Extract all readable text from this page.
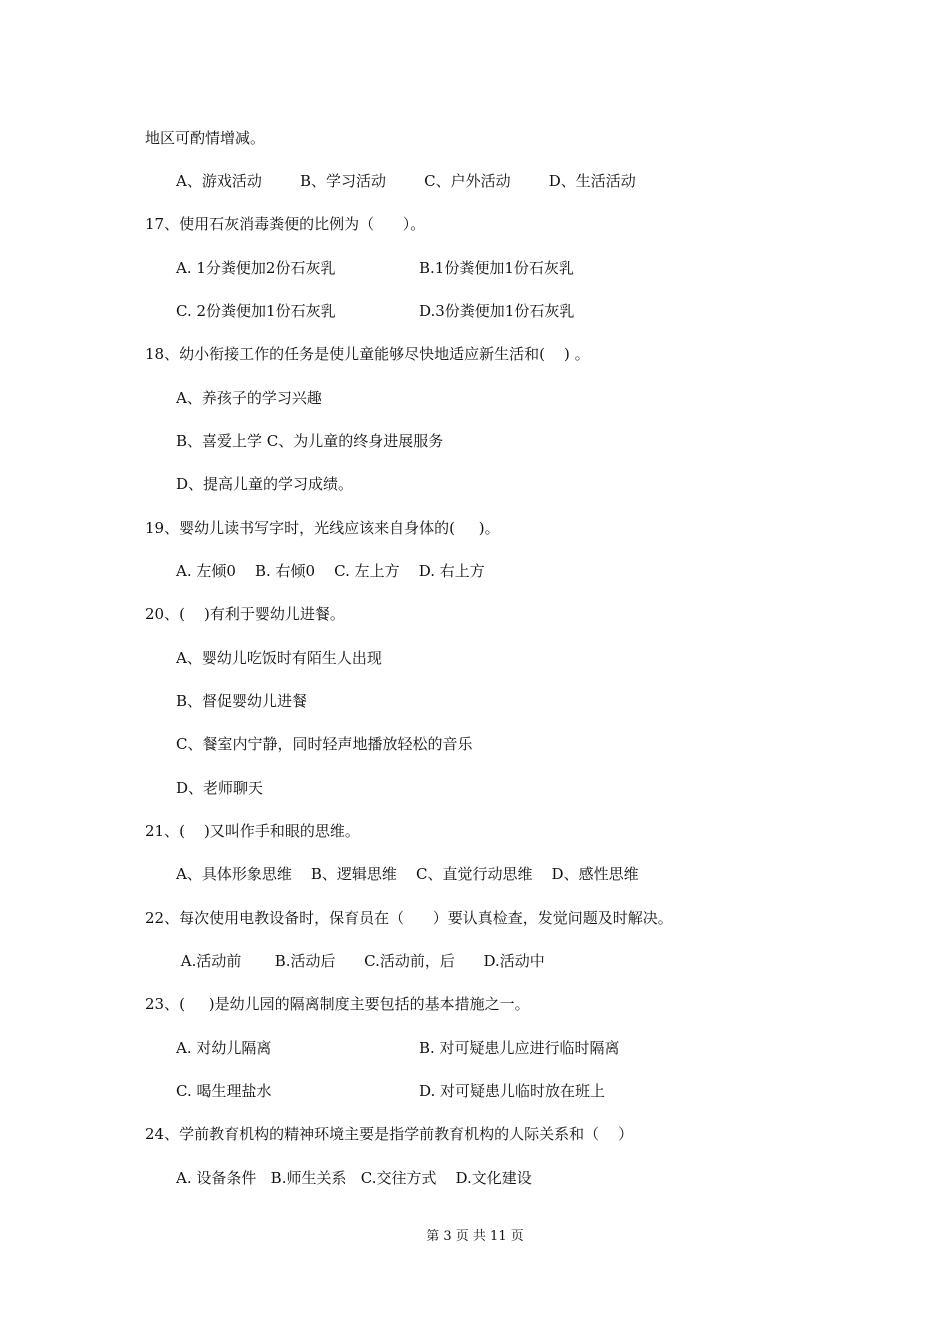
地区可酌情增减。
A、游戏活动        B、学习活动        C、户外活动        D、生活活动
17、使用石灰消毒粪便的比例为（      ）。
A. 1分粪便加2份石灰乳	B.1份粪便加1份石灰乳
C. 2份粪便加1份石灰乳	D.3份粪便加1份石灰乳
18、幼小衔接工作的任务是使儿童能够尽快地适应新生活和(    ) 。
A、养孩子的学习兴趣
B、喜爱上学 C、为儿童的终身进展服务
D、提高儿童的学习成绩。
19、婴幼儿读书写字时，光线应该来自身体的(     )。
A. 左倾0    B. 右倾0    C. 左上方    D. 右上方
20、(    )有利于婴幼儿进餐。
A、婴幼儿吃饭时有陌生人出现
B、督促婴幼儿进餐
C、餐室内宁静，同时轻声地播放轻松的音乐
D、老师聊天
21、(    )又叫作手和眼的思维。
A、具体形象思维    B、逻辑思维    C、直觉行动思维    D、感性思维
22、每次使用电教设备时，保育员在（      ）要认真检查，发觉问题及时解决。
A.活动前       B.活动后      C.活动前，后      D.活动中
23、(     )是幼儿园的隔离制度主要包括的基本措施之一。
A. 对幼儿隔离	B. 对可疑患儿应进行临时隔离
C. 喝生理盐水	D. 对可疑患儿临时放在班上
24、学前教育机构的精神环境主要是指学前教育机构的人际关系和（    ）
A. 设备条件   B.师生关系   C.交往方式    D.文化建设
第 3 页 共 11 页
